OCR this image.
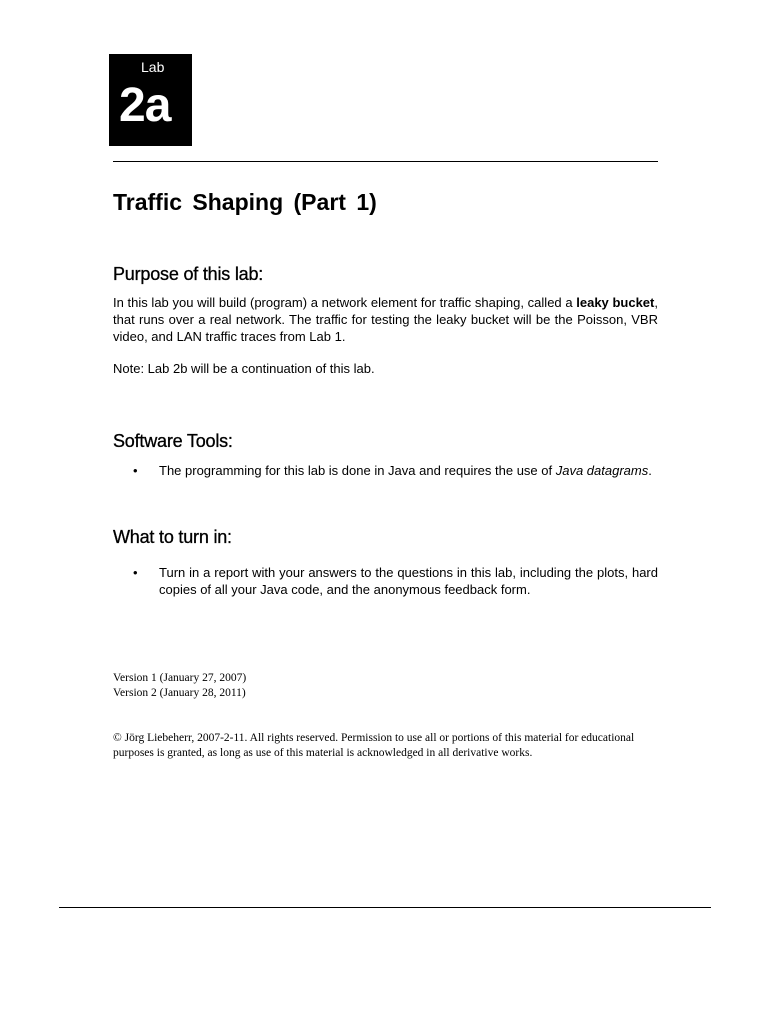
Lab
2a
Traffic Shaping (Part 1)
Purpose of this lab:
In this lab you will build (program) a network element for traffic shaping, called a leaky bucket, that runs over a real network. The traffic for testing the leaky bucket will be the Poisson, VBR video, and LAN traffic traces from Lab 1.
Note: Lab 2b will be a continuation of this lab.
Software Tools:
• The programming for this lab is done in Java and requires the use of Java datagrams.
What to turn in:
• Turn in a report with your answers to the questions in this lab, including the plots, hard copies of all your Java code, and the anonymous feedback form.
Version 1 (January 27, 2007)
Version 2 (January 28, 2011)
© Jörg Liebeherr, 2007-2-11. All rights reserved. Permission to use all or portions of this material for educational purposes is granted, as long as use of this material is acknowledged in all derivative works.
